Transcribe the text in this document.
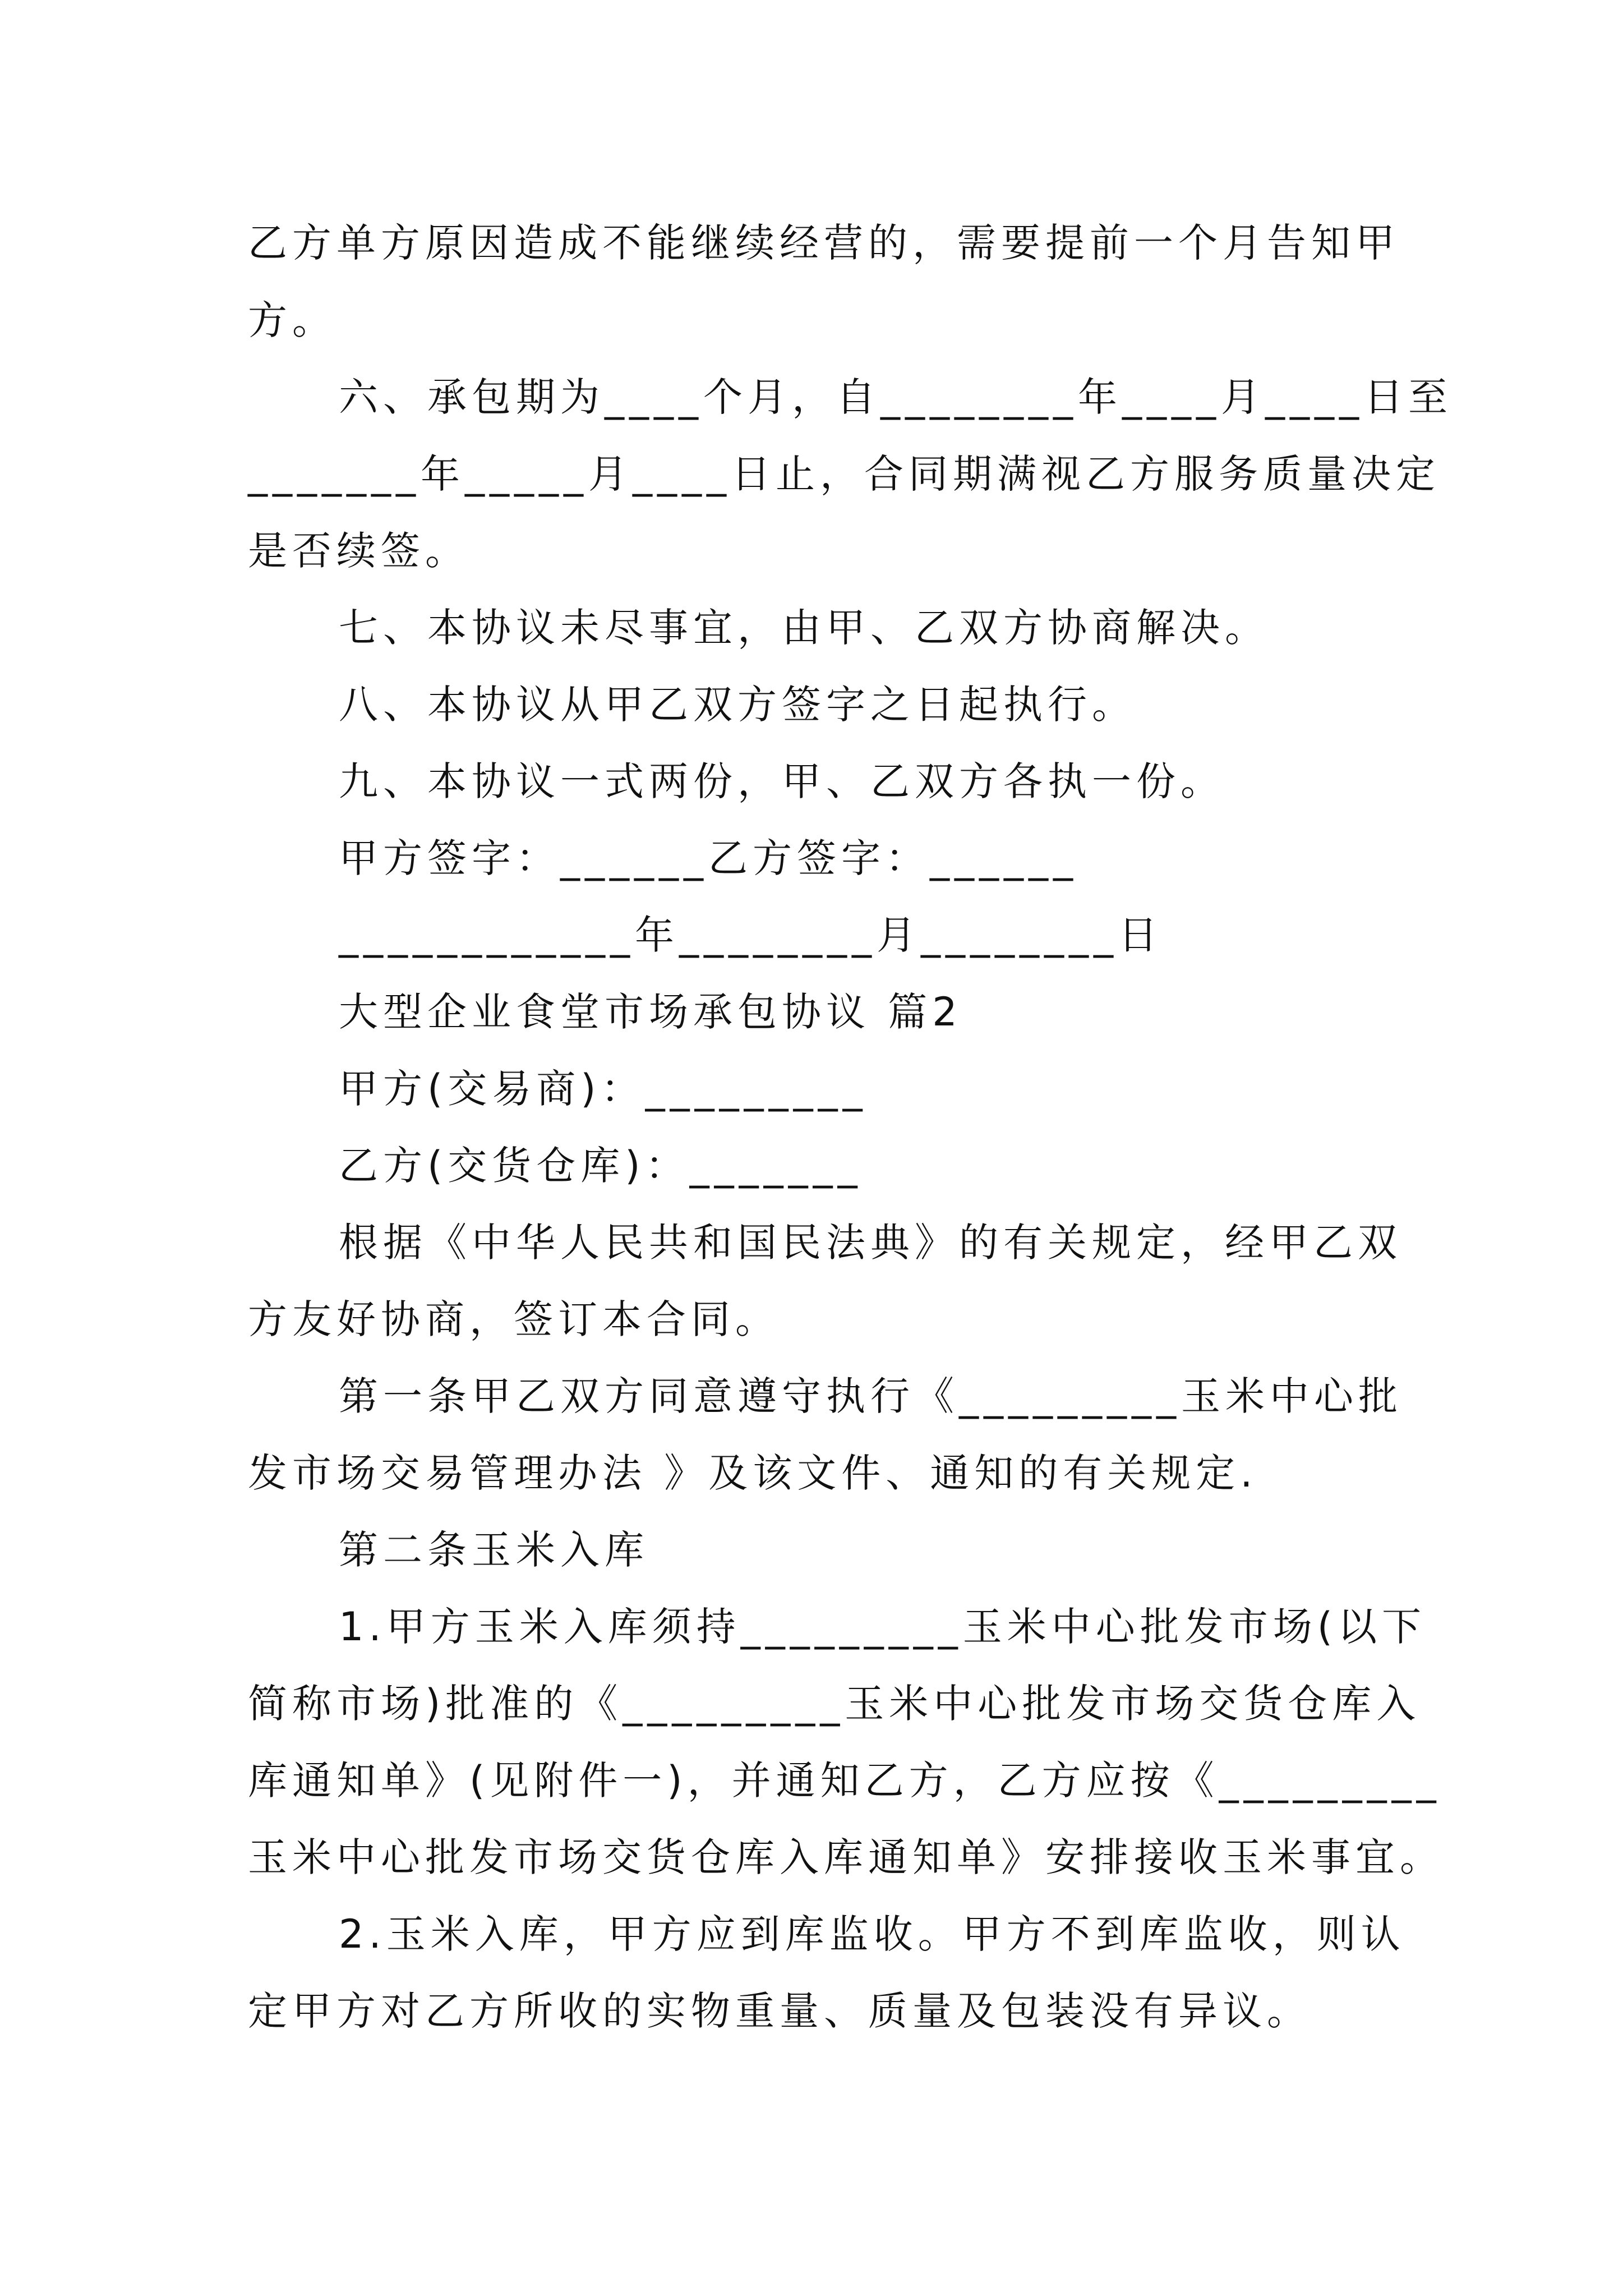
乙方单方原因造成不能继续经营的，需要提前一个月告知甲
方。
六、承包期为____个月，自________年____月____日至
_______年_____月____日止，合同期满视乙方服务质量决定
是否续签。
七、本协议未尽事宜，由甲、乙双方协商解决。
八、本协议从甲乙双方签字之日起执行。
九、本协议一式两份，甲、乙双方各执一份。
甲方签字：______乙方签字：______
____________年________月________日
大型企业食堂市场承包协议 篇2
甲方(交易商)：_________
乙方(交货仓库)：_______
根据《中华人民共和国民法典》的有关规定，经甲乙双
方友好协商，签订本合同。
第一条甲乙双方同意遵守执行《_________玉米中心批
发市场交易管理办法 》及该文件、通知的有关规定.
第二条玉米入库
1.甲方玉米入库须持_________玉米中心批发市场(以下
简称市场)批准的《_________玉米中心批发市场交货仓库入
库通知单》(见附件一)，并通知乙方，乙方应按《_________
玉米中心批发市场交货仓库入库通知单》安排接收玉米事宜。
2.玉米入库，甲方应到库监收。甲方不到库监收，则认
定甲方对乙方所收的实物重量、质量及包装没有异议。
